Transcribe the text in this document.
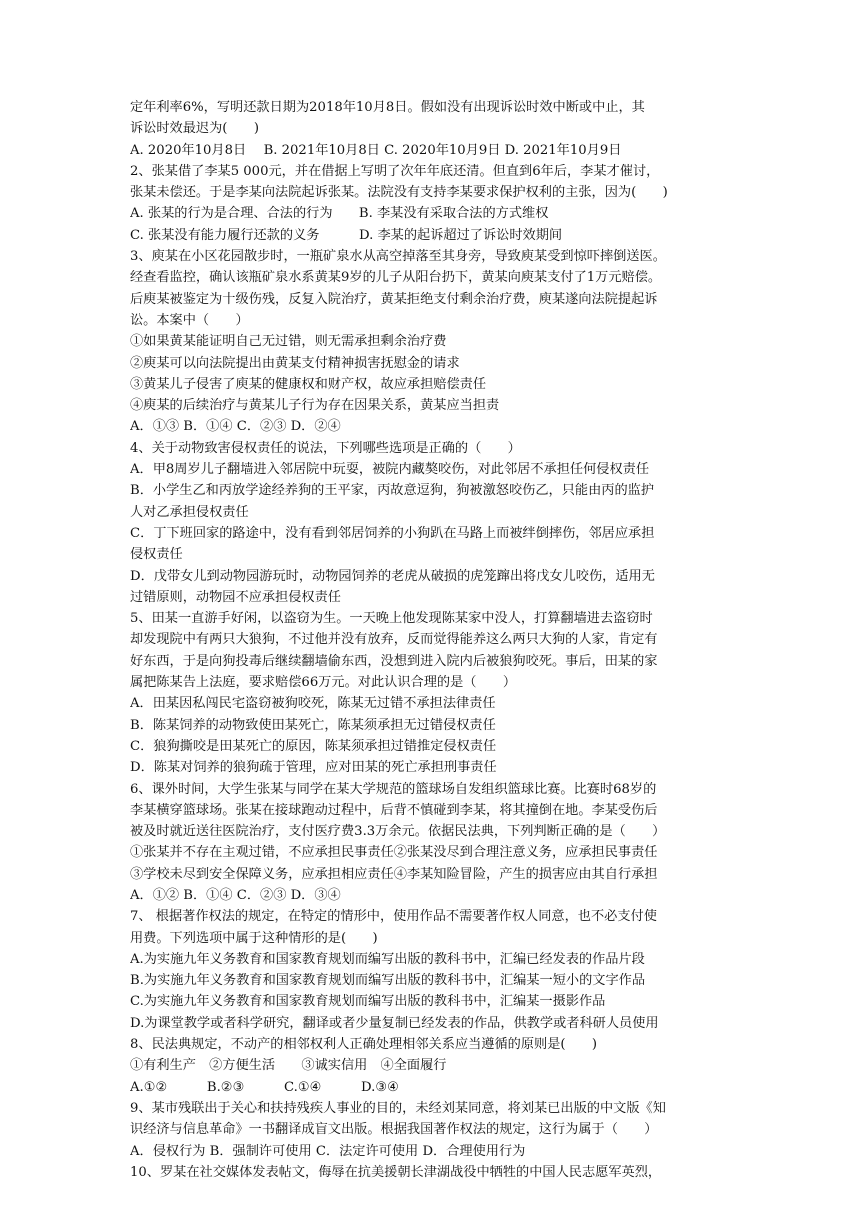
定年利率6%，写明还款日期为2018年10月8日。假如没有出现诉讼时效中断或中止，其
诉讼时效最迟为(　　)
A. 2020年10月8日　 B. 2021年10月8日 C. 2020年10月9日 D. 2021年10月9日
2、张某借了李某5 000元，并在借据上写明了次年年底还清。但直到6年后，李某才催讨，
张某未偿还。于是李某向法院起诉张某。法院没有支持李某要求保护权利的主张，因为(　　)
A. 张某的行为是合理、合法的行为　　B. 李某没有采取合法的方式维权
C. 张某没有能力履行还款的义务　　　D. 李某的起诉超过了诉讼时效期间
3、庾某在小区花园散步时，一瓶矿泉水从高空掉落至其身旁，导致庾某受到惊吓摔倒送医。
经查看监控，确认该瓶矿泉水系黄某9岁的儿子从阳台扔下，黄某向庾某支付了1万元赔偿。
后庾某被鉴定为十级伤残，反复入院治疗，黄某拒绝支付剩余治疗费，庾某遂向法院提起诉
讼。本案中（　　）
①如果黄某能证明自己无过错，则无需承担剩余治疗费
②庾某可以向法院提出由黄某支付精神损害抚慰金的请求
③黄某儿子侵害了庾某的健康权和财产权，故应承担赔偿责任
④庾某的后续治疗与黄某儿子行为存在因果关系，黄某应当担责
A．①③ B．①④ C．②③ D．②④
4、关于动物致害侵权责任的说法，下列哪些选项是正确的（　　）
A．甲8周岁儿子翻墙进入邻居院中玩耍，被院内藏獒咬伤，对此邻居不承担任何侵权责任
B．小学生乙和丙放学途经养狗的王平家，丙故意逗狗，狗被激怒咬伤乙，只能由丙的监护
人对乙承担侵权责任
C．丁下班回家的路途中，没有看到邻居饲养的小狗趴在马路上而被绊倒摔伤，邻居应承担
侵权责任
D．戊带女儿到动物园游玩时，动物园饲养的老虎从破损的虎笼蹿出将戊女儿咬伤，适用无
过错原则，动物园不应承担侵权责任
5、田某一直游手好闲，以盗窃为生。一天晚上他发现陈某家中没人，打算翻墙进去盗窃时
却发现院中有两只大狼狗，不过他并没有放弃，反而觉得能养这么两只大狗的人家，肯定有
好东西，于是向狗投毒后继续翻墙偷东西，没想到进入院内后被狼狗咬死。事后，田某的家
属把陈某告上法庭，要求赔偿66万元。对此认识合理的是（　　）
A．田某因私闯民宅盗窃被狗咬死，陈某无过错不承担法律责任
B．陈某饲养的动物致使田某死亡，陈某须承担无过错侵权责任
C．狼狗撕咬是田某死亡的原因，陈某须承担过错推定侵权责任
D．陈某对饲养的狼狗疏于管理，应对田某的死亡承担刑事责任
6、课外时间，大学生张某与同学在某大学规范的篮球场自发组织篮球比赛。比赛时68岁的
李某横穿篮球场。张某在接球跑动过程中，后背不慎碰到李某，将其撞倒在地。李某受伤后
被及时就近送往医院治疗，支付医疗费3.3万余元。依据民法典，下列判断正确的是（　　）
①张某并不存在主观过错，不应承担民事责任②张某没尽到合理注意义务，应承担民事责任
③学校未尽到安全保障义务，应承担相应责任④李某知险冒险，产生的损害应由其自行承担
A．①② B．①④ C．②③ D．③④
7、 根据著作权法的规定，在特定的情形中，使用作品不需要著作权人同意，也不必支付使
用费。下列选项中属于这种情形的是(　　)
A.为实施九年义务教育和国家教育规划而编写出版的教科书中，汇编已经发表的作品片段
B.为实施九年义务教育和国家教育规划而编写出版的教科书中，汇编某一短小的文字作品
C.为实施九年义务教育和国家教育规划而编写出版的教科书中，汇编某一摄影作品
D.为课堂教学或者科学研究，翻译或者少量复制已经发表的作品，供教学或者科研人员使用
8、民法典规定，不动产的相邻权利人正确处理相邻关系应当遵循的原则是(　　)
①有利生产　②方便生活　　③诚实信用　④全面履行
A.①②　　　B.②③　　　C.①④　　　D.③④
9、某市残联出于关心和扶持残疾人事业的目的，未经刘某同意，将刘某已出版的中文版《知
识经济与信息革命》一书翻译成盲文出版。根据我国著作权法的规定，这行为属于（　　）
A．侵权行为 B．强制许可使用 C．法定许可使用 D．合理使用行为
10、罗某在社交媒体发表帖文，侮辱在抗美援朝长津湖战役中牺牲的中国人民志愿军英烈，
